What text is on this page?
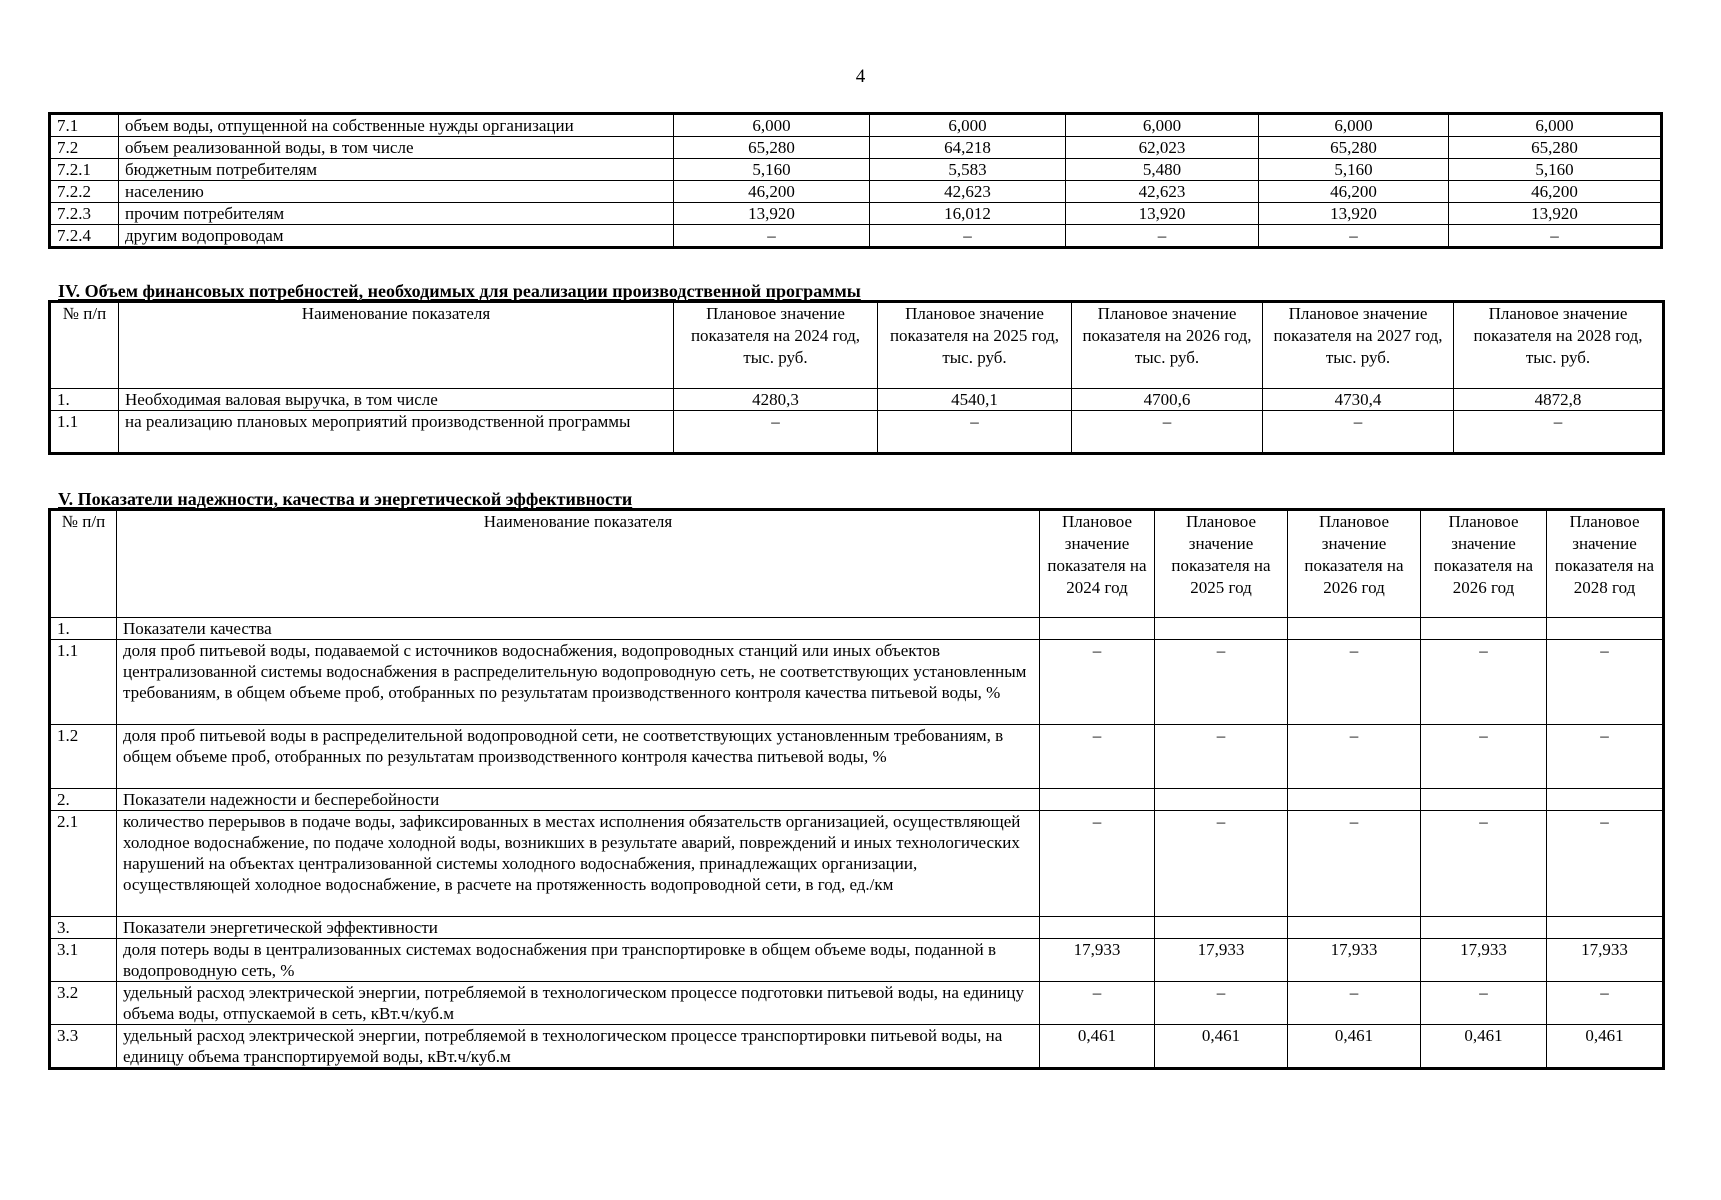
4
7.1	объем воды, отпущенной на собственные нужды организации	6,000	6,000	6,000	6,000	6,000
7.2	объем реализованной воды, в том числе	65,280	64,218	62,023	65,280	65,280
7.2.1	бюджетным потребителям	5,160	5,583	5,480	5,160	5,160
7.2.2	населению	46,200	42,623	42,623	46,200	46,200
7.2.3	прочим потребителям	13,920	16,012	13,920	13,920	13,920
7.2.4	другим водопроводам	–	–	–	–	–
IV. Объем финансовых потребностей, необходимых для реализации производственной программы
№ п/п	Наименование показателя	Плановое значение показателя на 2024 год, тыс. руб.	Плановое значение показателя на 2025 год, тыс. руб.	Плановое значение показателя на 2026 год, тыс. руб.	Плановое значение показателя на 2027 год, тыс. руб.	Плановое значение показателя на 2028 год, тыс. руб.
1.	Необходимая валовая выручка, в том числе	4280,3	4540,1	4700,6	4730,4	4872,8
1.1	на реализацию плановых мероприятий производственной программы	–	–	–	–	–
V. Показатели надежности, качества и энергетической эффективности
№ п/п	Наименование показателя	Плановое значение показателя на 2024 год	Плановое значение показателя на 2025 год	Плановое значение показателя на 2026 год	Плановое значение показателя на 2026 год	Плановое значение показателя на 2028 год
1.	Показатели качества					
1.1	доля проб питьевой воды, подаваемой с источников водоснабжения, водопроводных станций или иных объектов централизованной системы водоснабжения в распределительную водопроводную сеть, не соответствующих установленным требованиям, в общем объеме проб, отобранных по результатам производственного контроля качества питьевой воды, %	–	–	–	–	–
1.2	доля проб питьевой воды в распределительной водопроводной сети, не соответствующих установленным требованиям, в общем объеме проб, отобранных по результатам производственного контроля качества питьевой воды, %	–	–	–	–	–
2.	Показатели надежности и бесперебойности					
2.1	количество перерывов в подаче воды, зафиксированных в местах исполнения обязательств организацией, осуществляющей холодное водоснабжение, по подаче холодной воды, возникших в результате аварий, повреждений и иных технологических нарушений на объектах централизованной системы холодного водоснабжения, принадлежащих организации, осуществляющей холодное водоснабжение, в расчете на протяженность водопроводной сети, в год, ед./км	–	–	–	–	–
3.	Показатели энергетической эффективности					
3.1	доля потерь воды в централизованных системах водоснабжения при транспортировке в общем объеме воды, поданной в водопроводную сеть, %	17,933	17,933	17,933	17,933	17,933
3.2	удельный расход электрической энергии, потребляемой в технологическом процессе подготовки питьевой воды, на единицу объема воды, отпускаемой в сеть, кВт.ч/куб.м	–	–	–	–	–
3.3	удельный расход электрической энергии, потребляемой в технологическом процессе транспортировки питьевой воды, на единицу объема транспортируемой воды, кВт.ч/куб.м	0,461	0,461	0,461	0,461	0,461
